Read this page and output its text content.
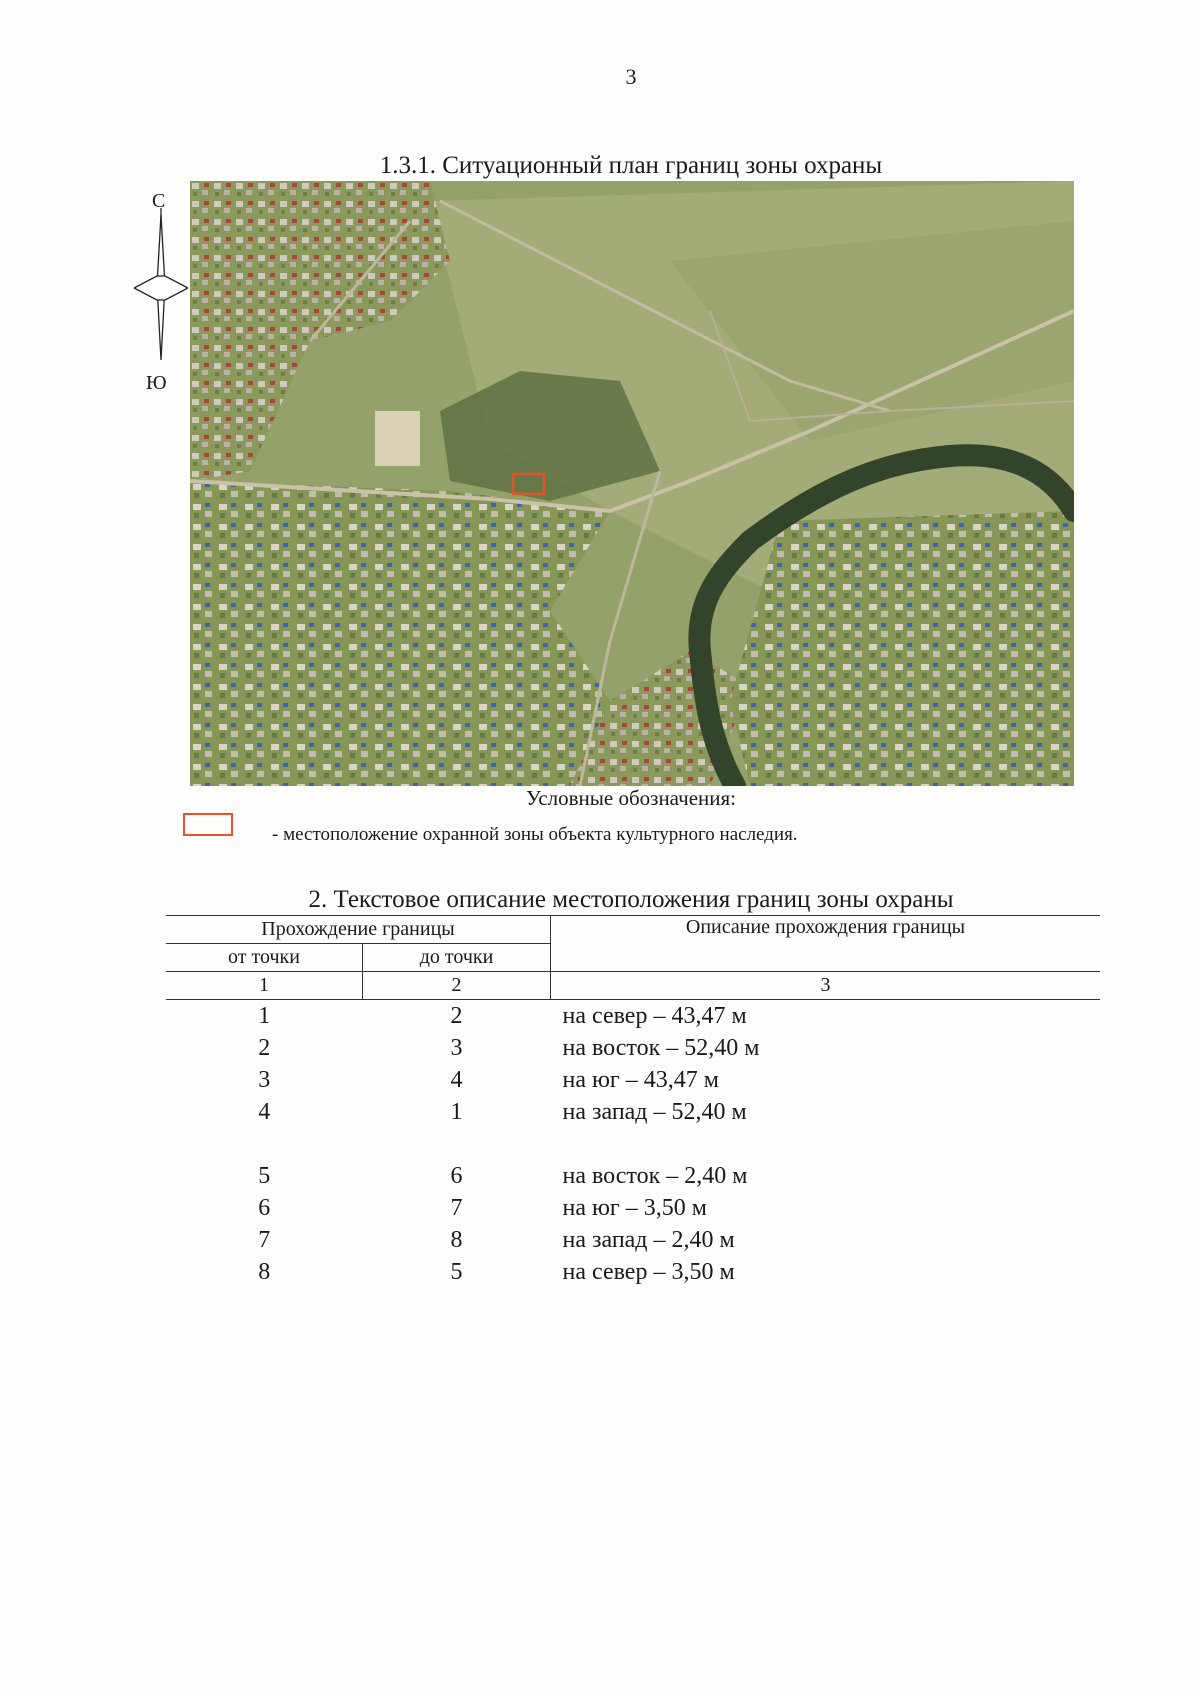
3
1.3.1. Ситуационный план границ зоны охраны
С
Ю
Условные обозначения:
- местоположение охранной зоны объекта культурного наследия.
2. Текстовое описание местоположения границ зоны охраны
Прохождение границы		Описание прохождения границы
от точки	до точки	
1	2	3
1	2	на север – 43,47 м
2	3	на восток – 52,40 м
3	4	на юг – 43,47 м
4	1	на запад – 52,40 м

5	6	на восток – 2,40 м
6	7	на юг – 3,50 м
7	8	на запад – 2,40 м
8	5	на север – 3,50 м
